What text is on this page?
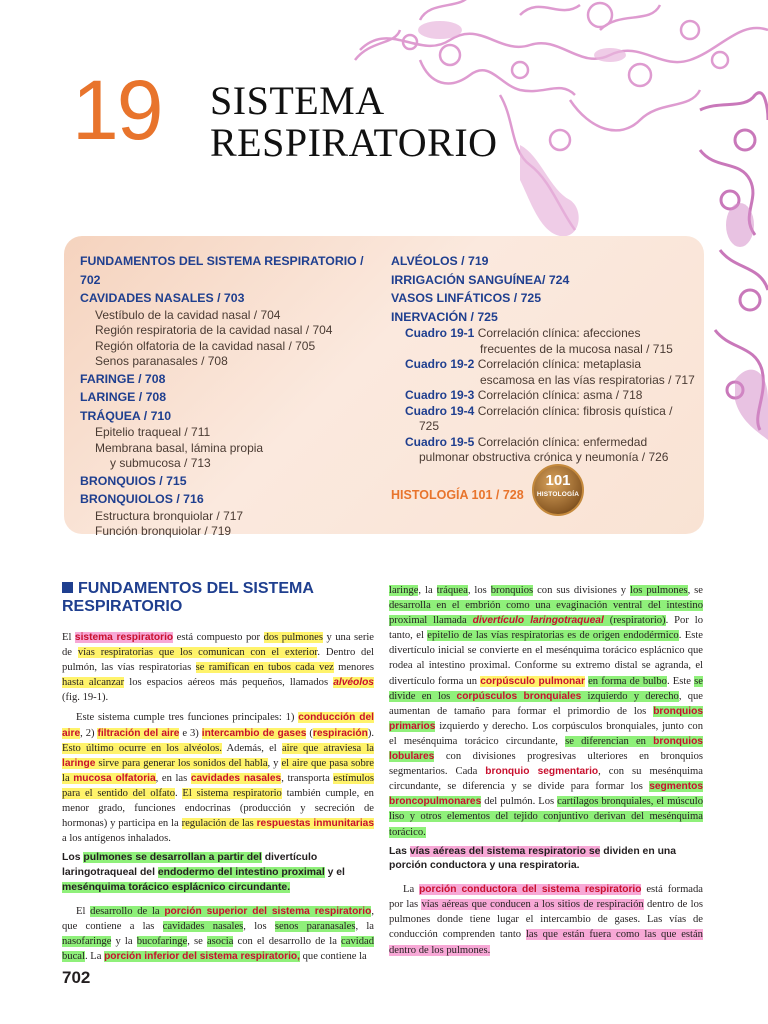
19 SISTEMA
RESPIRATORIO
FUNDAMENTOS DEL SISTEMA RESPIRATORIO / 702
CAVIDADES NASALES / 703
Vestíbulo de la cavidad nasal / 704
Región respiratoria de la cavidad nasal / 704
Región olfatoria de la cavidad nasal / 705
Senos paranasales / 708
FARINGE / 708
LARINGE / 708
TRÁQUEA / 710
Epitelio traqueal / 711
Membrana basal, lámina propia
y submucosa / 713
BRONQUIOS / 715
BRONQUIOLOS / 716
Estructura bronquiolar / 717
Función bronquiolar / 719
ALVÉOLOS / 719
IRRIGACIÓN SANGUÍNEA/ 724
VASOS LINFÁTICOS / 725
INERVACIÓN / 725
Cuadro 19-1 Correlación clínica: afecciones
frecuentes de la mucosa nasal / 715
Cuadro 19-2 Correlación clínica: metaplasia
escamosa en las vías respiratorias / 717
Cuadro 19-3 Correlación clínica: asma / 718
Cuadro 19-4 Correlación clínica: fibrosis quística /
725
Cuadro 19-5 Correlación clínica: enfermedad
pulmonar obstructiva crónica y neumonía / 726
HISTOLOGÍA 101 / 728
101
HISTOLOGÍA
FUNDAMENTOS DEL SISTEMA RESPIRATORIO

El sistema respiratorio está compuesto por dos pulmones y una serie de vías respiratorias que los comunican con el exterior. Dentro del pulmón, las vías respiratorias se ramifican en tubos cada vez menores hasta alcanzar los espacios aéreos más pequeños, llamados alvéolos (fig. 19-1).

Este sistema cumple tres funciones principales: 1) conducción del aire, 2) filtración del aire e 3) intercambio de gases (respiración). Esto último ocurre en los alvéolos. Además, el aire que atraviesa la laringe sirve para generar los sonidos del habla, y el aire que pasa sobre la mucosa olfatoria, en las cavidades nasales, transporta estímulos para el sentido del olfato. El sistema respiratorio también cumple, en menor grado, funciones endocrinas (producción y secreción de hormonas) y participa en la regulación de las respuestas inmunitarias a los antígenos inhalados.

Los pulmones se desarrollan a partir del divertículo laringotraqueal del endodermo del intestino proximal y el mesénquima torácico esplácnico circundante.

El desarrollo de la porción superior del sistema respiratorio, que contiene a las cavidades nasales, los senos paranasales, la nasofaringe y la bucofaringe, se asocia con el desarrollo de la cavidad bucal. La porción inferior del sistema respiratorio, que contiene la

laringe, la tráquea, los bronquios con sus divisiones y los pulmones, se desarrolla en el embrión como una evaginación ventral del intestino proximal llamada divertículo laringotraqueal (respiratorio). Por lo tanto, el epitelio de las vías respiratorias es de origen endodérmico. Este divertículo inicial se convierte en el mesénquima torácico esplácnico que rodea al intestino proximal. Conforme su extremo distal se agranda, el divertículo forma un corpúsculo pulmonar en forma de bulbo. Este se divide en los corpúsculos bronquiales izquierdo y derecho, que aumentan de tamaño para formar el primordio de los bronquios primarios izquierdo y derecho. Los corpúsculos bronquiales, junto con el mesénquima torácico circundante, se diferencian en bronquios lobulares con divisiones progresivas ulteriores en bronquios segmentarios. Cada bronquio segmentario, con su mesénquima circundante, se diferencia y se divide para formar los segmentos broncopulmonares del pulmón. Los cartílagos bronquiales, el músculo liso y otros elementos del tejido conjuntivo derivan del mesénquima torácico.

Las vías aéreas del sistema respiratorio se dividen en una porción conductora y una respiratoria.

La porción conductora del sistema respiratorio está formada por las vías aéreas que conducen a los sitios de respiración dentro de los pulmones donde tiene lugar el intercambio de gases. Las vías de conducción comprenden tanto las que están fuera como las que están dentro de los pulmones.

702
